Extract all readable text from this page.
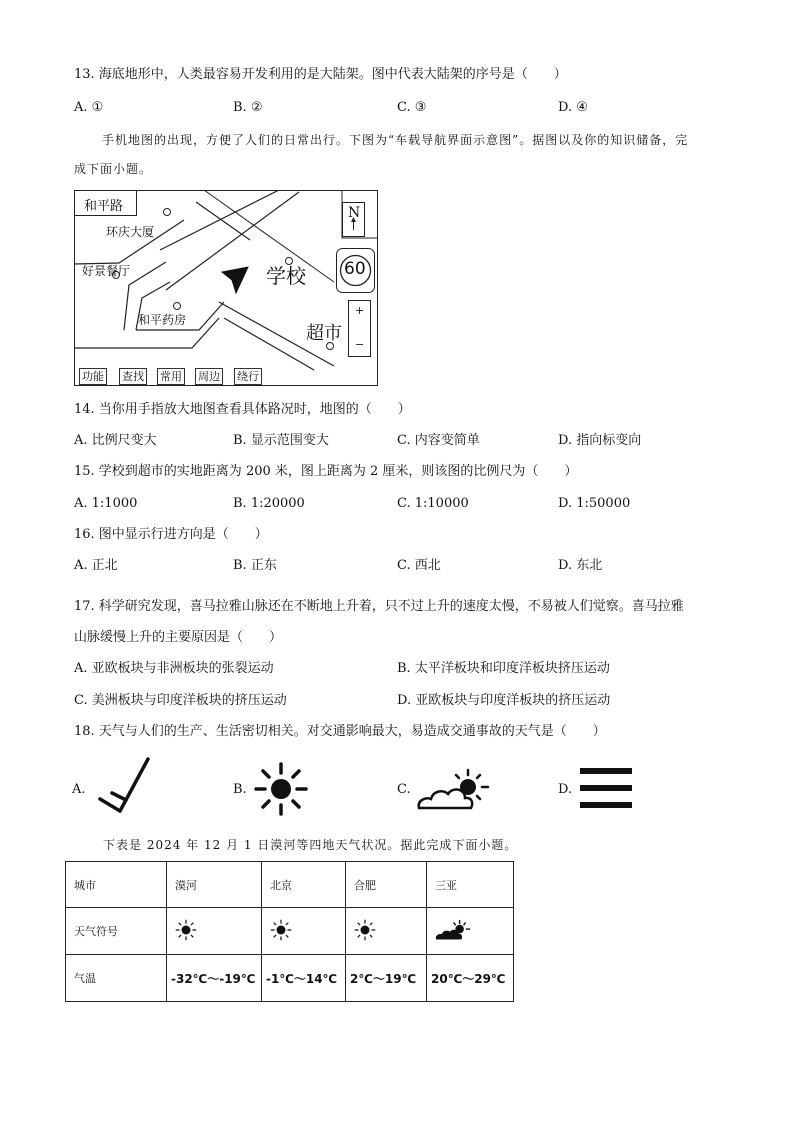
13. 海底地形中，人类最容易开发利用的是大陆架。图中代表大陆架的序号是（　　）
A. ①	B. ②	C. ③	D. ④
手机地图的出现，方便了人们的日常出行。下图为“车载导航界面示意图”。据图以及你的知识储备，完
成下面小题。
和平路
环庆大厦
好景餐厅
和平药房
学校
超市
N
60
+
−
功能 查找 常用 周边 绕行
14. 当你用手指放大地图查看具体路况时，地图的（　　）
A. 比例尺变大	B. 显示范围变大	C. 内容变简单	D. 指向标变向
15. 学校到超市的实地距离为 200 米，图上距离为 2 厘米，则该图的比例尺为（　　）
A. 1:1000	B. 1:20000	C. 1:10000	D. 1:50000
16. 图中显示行进方向是（　　）
A. 正北	B. 正东	C. 西北	D. 东北
17. 科学研究发现，喜马拉雅山脉还在不断地上升着，只不过上升的速度太慢，不易被人们觉察。喜马拉雅
山脉缓慢上升的主要原因是（　　）
A. 亚欧板块与非洲板块的张裂运动	B. 太平洋板块和印度洋板块挤压运动
C. 美洲板块与印度洋板块的挤压运动	D. 亚欧板块与印度洋板块的挤压运动
18. 天气与人们的生产、生活密切相关。对交通影响最大，易造成交通事故的天气是（　　）
A.	B.	C.	D.
下表是 2024 年 12 月 1 日漠河等四地天气状况。据此完成下面小题。
城市	漠河	北京	合肥	三亚
天气符号				
气温	-32℃～-19℃	-1℃～14℃	2℃～19℃	20℃～29℃
